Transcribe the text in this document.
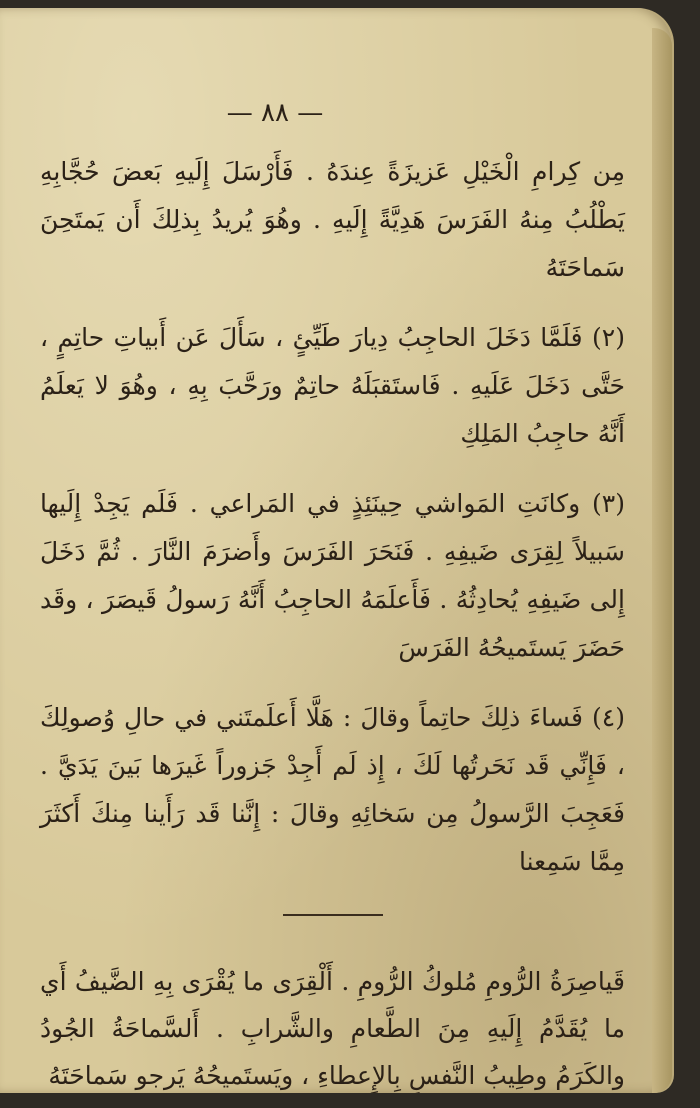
— ٨٨ —

مِن كِرامِ الْخَيْلِ عَزيزَةً عِندَهُ . فَأَرْسَلَ إِلَيهِ بَعضَ حُجَّابِهِ يَطْلُبُ مِنهُ الفَرَسَ هَدِيَّةً إِلَيهِ . وهُوَ يُريدُ بِذلِكَ أَن يَمتَحِنَ سَماحَتَهُ

(٢) فَلَمَّا دَخَلَ الحاجِبُ دِيارَ طَيِّئٍ ، سَأَلَ عَن أَبياتِ حاتِمٍ ، حَتَّى دَخَلَ عَلَيهِ . فَاستَقبَلَهُ حاتِمٌ ورَحَّبَ بِهِ ، وهُوَ لا يَعلَمُ أَنَّهُ حاجِبُ المَلِكِ

(٣) وكانَتِ المَواشي حِينَئِذٍ في المَراعي . فَلَم يَجِدْ إِلَيها سَبيلاً لِقِرَى ضَيفِهِ . فَنَحَرَ الفَرَسَ وأَضرَمَ النَّارَ . ثُمَّ دَخَلَ إِلى ضَيفِهِ يُحادِثُهُ . فَأَعلَمَهُ الحاجِبُ أَنَّهُ رَسولُ قَيصَرَ ، وقَد حَضَرَ يَستَميحُهُ الفَرَسَ

(٤) فَساءَ ذلِكَ حاتِماً وقالَ : هَلَّا أَعلَمتَني في حالِ وُصولِكَ ، فَإِنِّي قَد نَحَرتُها لَكَ ، إِذ لَم أَجِدْ جَزوراً غَيرَها بَينَ يَدَيَّ . فَعَجِبَ الرَّسولُ مِن سَخائِهِ وقالَ : إِنَّنا قَد رَأَينا مِنكَ أَكثَرَ مِمَّا سَمِعنا

قَياصِرَةُ الرُّومِ مُلوكُ الرُّومِ . أَلْقِرَى ما يُقْرَى بِهِ الضَّيفُ أَي ما يُقَدَّمُ إِلَيهِ مِنَ الطَّعامِ والشَّرابِ . أَلسَّماحَةُ الجُودُ والكَرَمُ وطِيبُ النَّفسِ بِالإِعطاءِ ، ويَستَميحُهُ يَرجو سَماحَتَهُ
